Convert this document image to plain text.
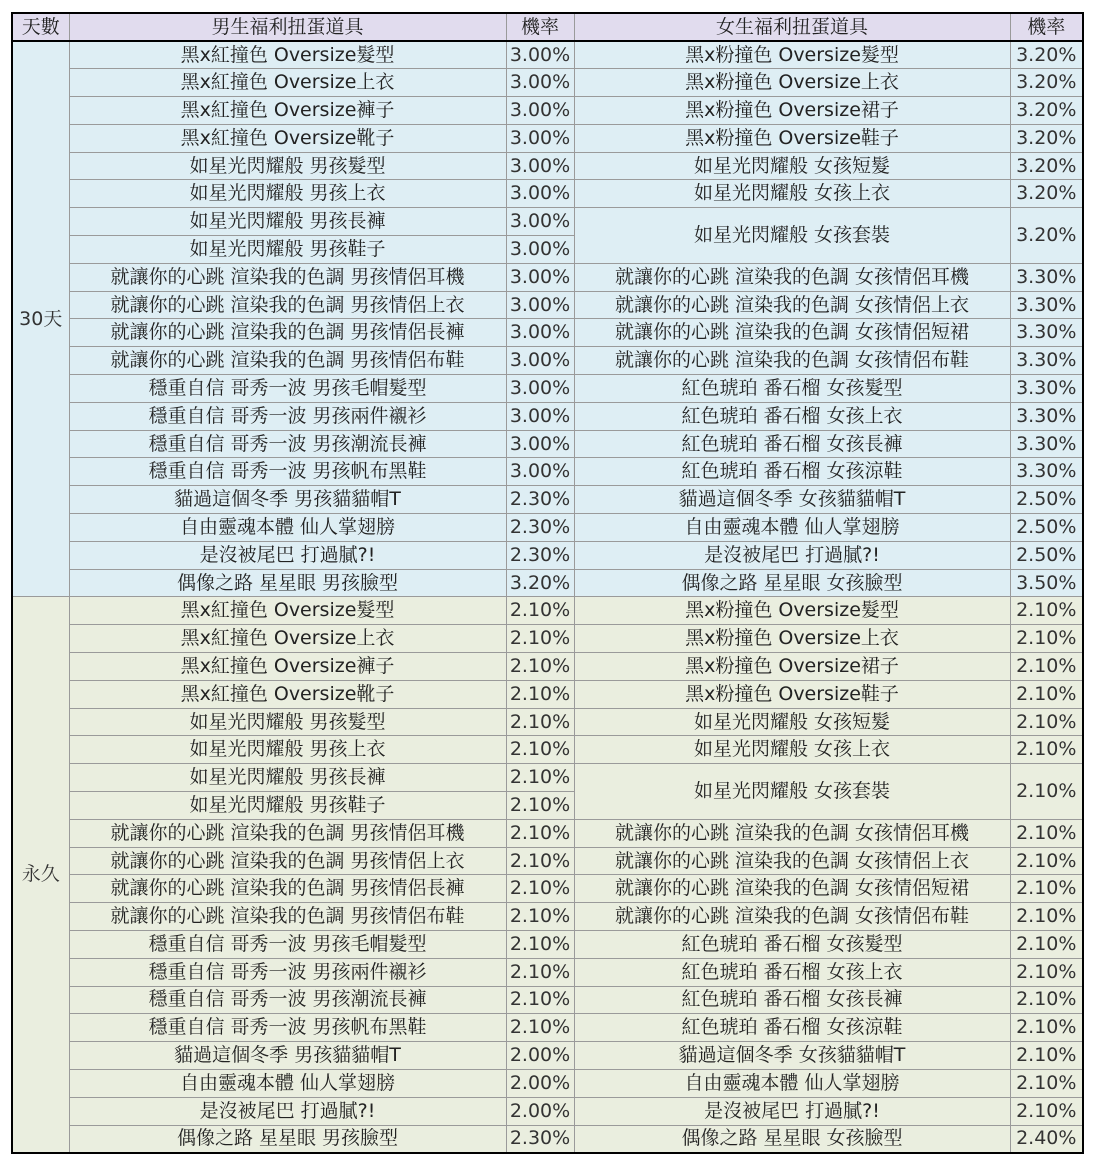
天數	男生福利扭蛋道具	機率	女生福利扭蛋道具	機率
30天	黑x紅撞色 Oversize髮型	3.00%	黑x粉撞色 Oversize髮型	3.20%
	黑x紅撞色 Oversize上衣	3.00%	黑x粉撞色 Oversize上衣	3.20%
	黑x紅撞色 Oversize褲子	3.00%	黑x粉撞色 Oversize裙子	3.20%
	黑x紅撞色 Oversize靴子	3.00%	黑x粉撞色 Oversize鞋子	3.20%
	如星光閃耀般 男孩髮型	3.00%	如星光閃耀般 女孩短髮	3.20%
	如星光閃耀般 男孩上衣	3.00%	如星光閃耀般 女孩上衣	3.20%
	如星光閃耀般 男孩長褲	3.00%	如星光閃耀般 女孩套裝	3.20%
	如星光閃耀般 男孩鞋子	3.00%		
	就讓你的心跳 渲染我的色調 男孩情侶耳機	3.00%	就讓你的心跳 渲染我的色調 女孩情侶耳機	3.30%
	就讓你的心跳 渲染我的色調 男孩情侶上衣	3.00%	就讓你的心跳 渲染我的色調 女孩情侶上衣	3.30%
	就讓你的心跳 渲染我的色調 男孩情侶長褲	3.00%	就讓你的心跳 渲染我的色調 女孩情侶短裙	3.30%
	就讓你的心跳 渲染我的色調 男孩情侶布鞋	3.00%	就讓你的心跳 渲染我的色調 女孩情侶布鞋	3.30%
	穩重自信 哥秀一波 男孩毛帽髮型	3.00%	紅色琥珀 番石榴 女孩髮型	3.30%
	穩重自信 哥秀一波 男孩兩件襯衫	3.00%	紅色琥珀 番石榴 女孩上衣	3.30%
	穩重自信 哥秀一波 男孩潮流長褲	3.00%	紅色琥珀 番石榴 女孩長褲	3.30%
	穩重自信 哥秀一波 男孩帆布黑鞋	3.00%	紅色琥珀 番石榴 女孩涼鞋	3.30%
	貓過這個冬季 男孩貓貓帽T	2.30%	貓過這個冬季 女孩貓貓帽T	2.50%
	自由靈魂本體 仙人掌翅膀	2.30%	自由靈魂本體 仙人掌翅膀	2.50%
	是沒被尾巴 打過膩?!	2.30%	是沒被尾巴 打過膩?!	2.50%
	偶像之路 星星眼 男孩臉型	3.20%	偶像之路 星星眼 女孩臉型	3.50%
永久	黑x紅撞色 Oversize髮型	2.10%	黑x粉撞色 Oversize髮型	2.10%
	黑x紅撞色 Oversize上衣	2.10%	黑x粉撞色 Oversize上衣	2.10%
	黑x紅撞色 Oversize褲子	2.10%	黑x粉撞色 Oversize裙子	2.10%
	黑x紅撞色 Oversize靴子	2.10%	黑x粉撞色 Oversize鞋子	2.10%
	如星光閃耀般 男孩髮型	2.10%	如星光閃耀般 女孩短髮	2.10%
	如星光閃耀般 男孩上衣	2.10%	如星光閃耀般 女孩上衣	2.10%
	如星光閃耀般 男孩長褲	2.10%	如星光閃耀般 女孩套裝	2.10%
	如星光閃耀般 男孩鞋子	2.10%		
	就讓你的心跳 渲染我的色調 男孩情侶耳機	2.10%	就讓你的心跳 渲染我的色調 女孩情侶耳機	2.10%
	就讓你的心跳 渲染我的色調 男孩情侶上衣	2.10%	就讓你的心跳 渲染我的色調 女孩情侶上衣	2.10%
	就讓你的心跳 渲染我的色調 男孩情侶長褲	2.10%	就讓你的心跳 渲染我的色調 女孩情侶短裙	2.10%
	就讓你的心跳 渲染我的色調 男孩情侶布鞋	2.10%	就讓你的心跳 渲染我的色調 女孩情侶布鞋	2.10%
	穩重自信 哥秀一波 男孩毛帽髮型	2.10%	紅色琥珀 番石榴 女孩髮型	2.10%
	穩重自信 哥秀一波 男孩兩件襯衫	2.10%	紅色琥珀 番石榴 女孩上衣	2.10%
	穩重自信 哥秀一波 男孩潮流長褲	2.10%	紅色琥珀 番石榴 女孩長褲	2.10%
	穩重自信 哥秀一波 男孩帆布黑鞋	2.10%	紅色琥珀 番石榴 女孩涼鞋	2.10%
	貓過這個冬季 男孩貓貓帽T	2.00%	貓過這個冬季 女孩貓貓帽T	2.10%
	自由靈魂本體 仙人掌翅膀	2.00%	自由靈魂本體 仙人掌翅膀	2.10%
	是沒被尾巴 打過膩?!	2.00%	是沒被尾巴 打過膩?!	2.10%
	偶像之路 星星眼 男孩臉型	2.30%	偶像之路 星星眼 女孩臉型	2.40%
